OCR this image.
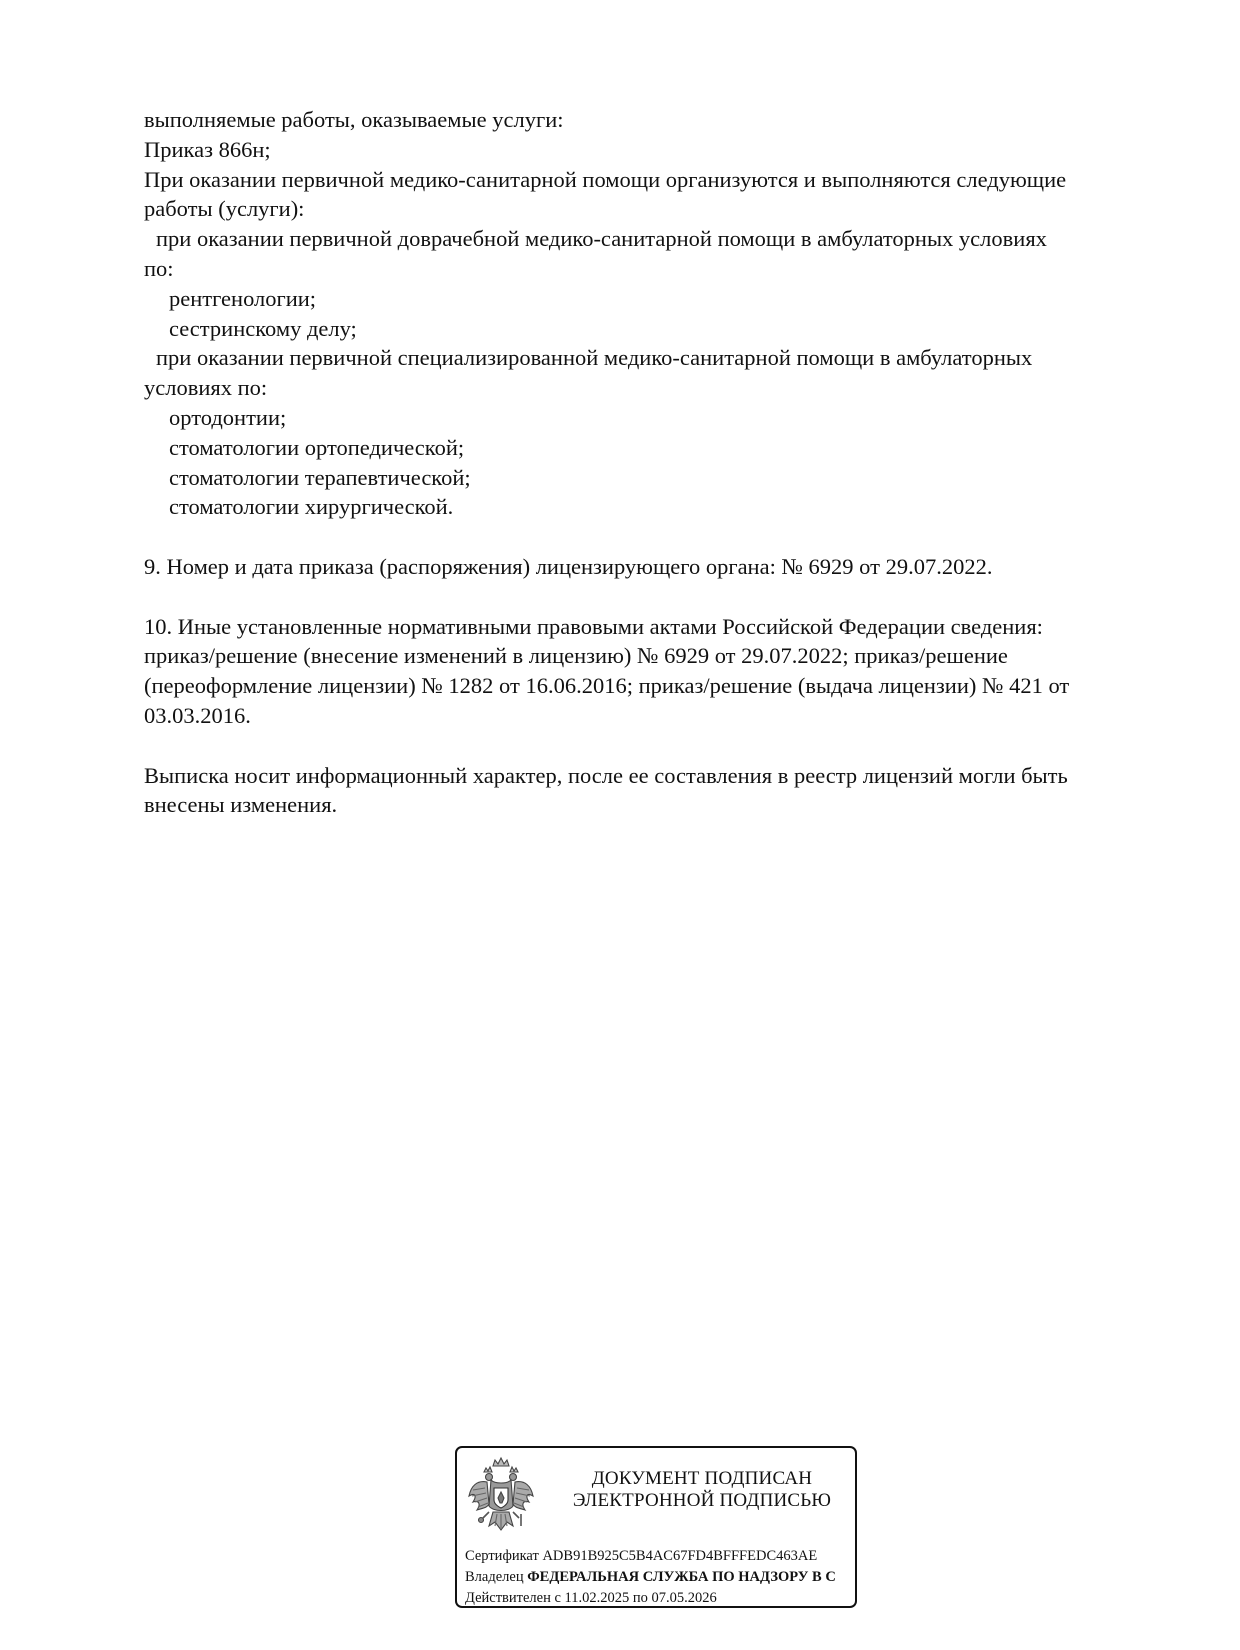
выполняемые работы, оказываемые услуги:
Приказ 866н;
При оказании первичной медико-санитарной помощи организуются и выполняются следующие
работы (услуги):
при оказании первичной доврачебной медико-санитарной помощи в амбулаторных условиях
по:
рентгенологии;
сестринскому делу;
при оказании первичной специализированной медико-санитарной помощи в амбулаторных
условиях по:
ортодонтии;
стоматологии ортопедической;
стоматологии терапевтической;
стоматологии хирургической.
9. Номер и дата приказа (распоряжения) лицензирующего органа: № 6929 от 29.07.2022.
10. Иные установленные нормативными правовыми актами Российской Федерации сведения:
приказ/решение (внесение изменений в лицензию) № 6929 от 29.07.2022; приказ/решение
(переоформление лицензии) № 1282 от 16.06.2016; приказ/решение (выдача лицензии) № 421 от
03.03.2016.
Выписка носит информационный характер, после ее составления в реестр лицензий могли быть
внесены изменения.
ДОКУМЕНТ ПОДПИСАН
ЭЛЕКТРОННОЙ ПОДПИСЬЮ
Сертификат ADB91B925C5B4AC67FD4BFFFEDC463AE
Владелец ФЕДЕРАЛЬНАЯ СЛУЖБА ПО НАДЗОРУ В С
Действителен с 11.02.2025 по 07.05.2026
